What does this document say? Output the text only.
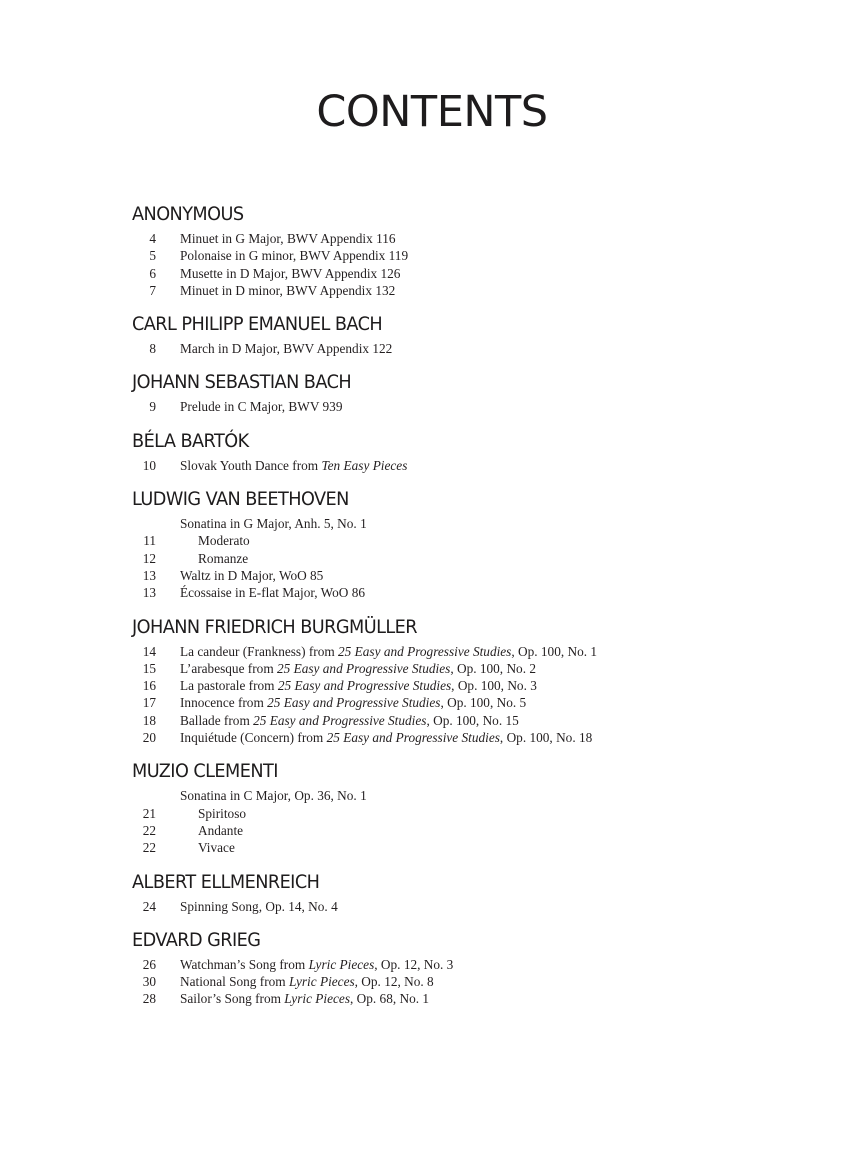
CONTENTS
ANONYMOUS
4 Minuet in G Major, BWV Appendix 116
5 Polonaise in G minor, BWV Appendix 119
6 Musette in D Major, BWV Appendix 126
7 Minuet in D minor, BWV Appendix 132
CARL PHILIPP EMANUEL BACH
8 March in D Major, BWV Appendix 122
JOHANN SEBASTIAN BACH
9 Prelude in C Major, BWV 939
BÉLA BARTÓK
10 Slovak Youth Dance from Ten Easy Pieces
LUDWIG VAN BEETHOVEN
Sonatina in G Major, Anh. 5, No. 1
11	Moderato
12	Romanze
13 Waltz in D Major, WoO 85
13 Écossaise in E-flat Major, WoO 86
JOHANN FRIEDRICH BURGMÜLLER
14 La candeur (Frankness) from 25 Easy and Progressive Studies, Op. 100, No. 1
15 L’arabesque from 25 Easy and Progressive Studies, Op. 100, No. 2
16 La pastorale from 25 Easy and Progressive Studies, Op. 100, No. 3
17 Innocence from 25 Easy and Progressive Studies, Op. 100, No. 5
18 Ballade from 25 Easy and Progressive Studies, Op. 100, No. 15
20 Inquiétude (Concern) from 25 Easy and Progressive Studies, Op. 100, No. 18
MUZIO CLEMENTI
Sonatina in C Major, Op. 36, No. 1
21	Spiritoso
22	Andante
22	Vivace
ALBERT ELLMENREICH
24 Spinning Song, Op. 14, No. 4
EDVARD GRIEG
26 Watchman’s Song from Lyric Pieces, Op. 12, No. 3
30 National Song from Lyric Pieces, Op. 12, No. 8
28 Sailor’s Song from Lyric Pieces, Op. 68, No. 1
